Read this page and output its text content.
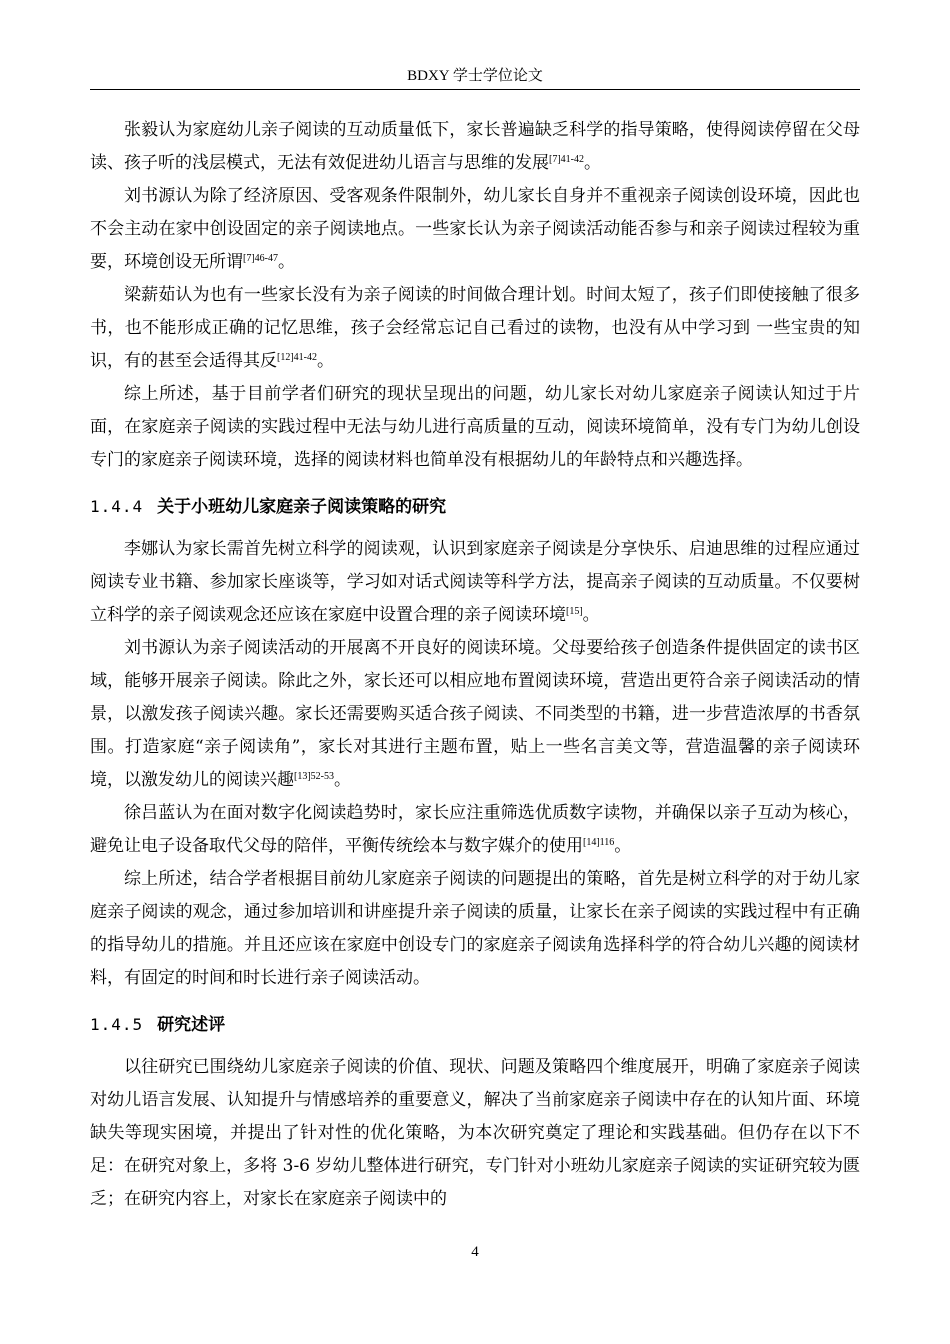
BDXY 学士学位论文

张毅认为家庭幼儿亲子阅读的互动质量低下，家长普遍缺乏科学的指导策略，使得阅读停留在父母读、孩子听的浅层模式，无法有效促进幼儿语言与思维的发展$^{[7]41-42}$。

刘书源认为除了经济原因、受客观条件限制外，幼儿家长自身并不重视亲子阅读创设环境，因此也不会主动在家中创设固定的亲子阅读地点。一些家长认为亲子阅读活动能否参与和亲子阅读过程较为重要，环境创设无所谓$^{[7]46-47}$。

梁薪茹认为也有一些家长没有为亲子阅读的时间做合理计划。时间太短了，孩子们即使接触了很多书，也不能形成正确的记忆思维，孩子会经常忘记自己看过的读物，也没有从中学习到 一些宝贵的知识，有的甚至会适得其反$^{[12]41-42}$。

综上所述，基于目前学者们研究的现状呈现出的问题，幼儿家长对幼儿家庭亲子阅读认知过于片面，在家庭亲子阅读的实践过程中无法与幼儿进行高质量的互动，阅读环境简单，没有专门为幼儿创设专门的家庭亲子阅读环境，选择的阅读材料也简单没有根据幼儿的年龄特点和兴趣选择。

1.4.4 关于小班幼儿家庭亲子阅读策略的研究

李娜认为家长需首先树立科学的阅读观，认识到家庭亲子阅读是分享快乐、启迪思维的过程应通过阅读专业书籍、参加家长座谈等，学习如对话式阅读等科学方法，提高亲子阅读的互动质量。不仅要树立科学的亲子阅读观念还应该在家庭中设置合理的亲子阅读环境[15]。

刘书源认为亲子阅读活动的开展离不开良好的阅读环境。父母要给孩子创造条件提供固定的读书区域，能够开展亲子阅读。除此之外，家长还可以相应地布置阅读环境，营造出更符合亲子阅读活动的情景，以激发孩子阅读兴趣。家长还需要购买适合孩子阅读、不同类型的书籍，进一步营造浓厚的书香氛围。打造家庭“亲子阅读角”，家长对其进行主题布置，贴上一些名言美文等，营造温馨的亲子阅读环境，以激发幼儿的阅读兴趣$^{[13]52-53}$。

徐吕蓝认为在面对数字化阅读趋势时，家长应注重筛选优质数字读物，并确保以亲子互动为核心，避免让电子设备取代父母的陪伴，平衡传统绘本与数字媒介的使用$^{[14]116}$。

综上所述，结合学者根据目前幼儿家庭亲子阅读的问题提出的策略，首先是树立科学的对于幼儿家庭亲子阅读的观念，通过参加培训和讲座提升亲子阅读的质量，让家长在亲子阅读的实践过程中有正确的指导幼儿的措施。并且还应该在家庭中创设专门的家庭亲子阅读角选择科学的符合幼儿兴趣的阅读材料，有固定的时间和时长进行亲子阅读活动。

1.4.5 研究述评

以往研究已围绕幼儿家庭亲子阅读的价值、现状、问题及策略四个维度展开，明确了家庭亲子阅读对幼儿语言发展、认知提升与情感培养的重要意义，解决了当前家庭亲子阅读中存在的认知片面、环境缺失等现实困境，并提出了针对性的优化策略，为本次研究奠定了理论和实践基础。但仍存在以下不足：在研究对象上，多将 3-6 岁幼儿整体进行研究，专门针对小班幼儿家庭亲子阅读的实证研究较为匮乏；在研究内容上，对家长在家庭亲子阅读中的

4
